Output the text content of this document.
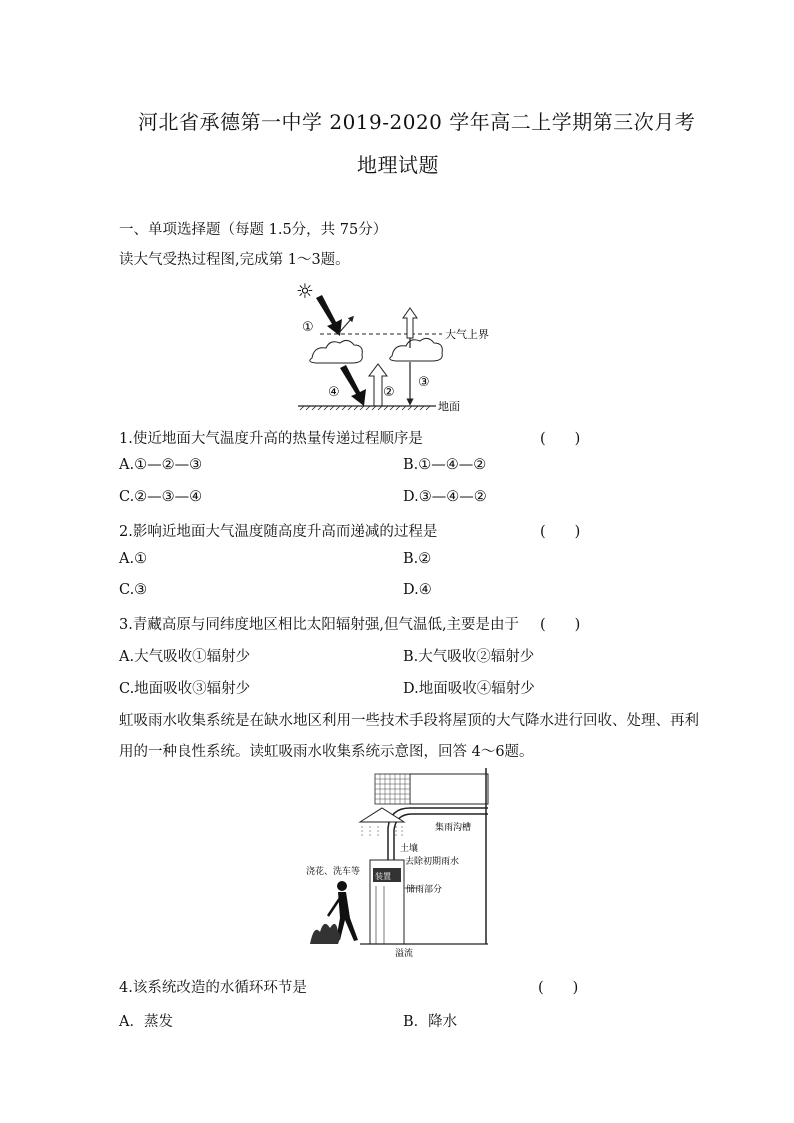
河北省承德第一中学 2019-2020 学年高二上学期第三次月考
地理试题
一、单项选择题（每题 1.5分，共 75分）
读大气受热过程图,完成第 1～3题。
☼
大气上界
①
④	②
③
地面
1.使近地面大气温度升高的热量传递过程顺序是	(　　)
A.①—②—③	B.①—④—②
C.②—③—④	D.③—④—②
2.影响近地面大气温度随高度升高而递减的过程是	(　　)
A.①	B.②
C.③	D.④
3.青藏高原与同纬度地区相比太阳辐射强,但气温低,主要是由于 (　　)
A.大气吸收①辐射少	B.大气吸收②辐射少
C.地面吸收③辐射少	D.地面吸收④辐射少
虹吸雨水收集系统是在缺水地区利用一些技术手段将屋顶的大气降水进行回收、处理、再利
用的一种良性系统。读虹吸雨水收集系统示意图，回答 4～6题。
集雨沟槽
土壤
去除初期雨水
装置
储雨部分
溢流
浇花、洗车等
4.该系统改造的水循环环节是	(　　)
A．蒸发	B．降水
